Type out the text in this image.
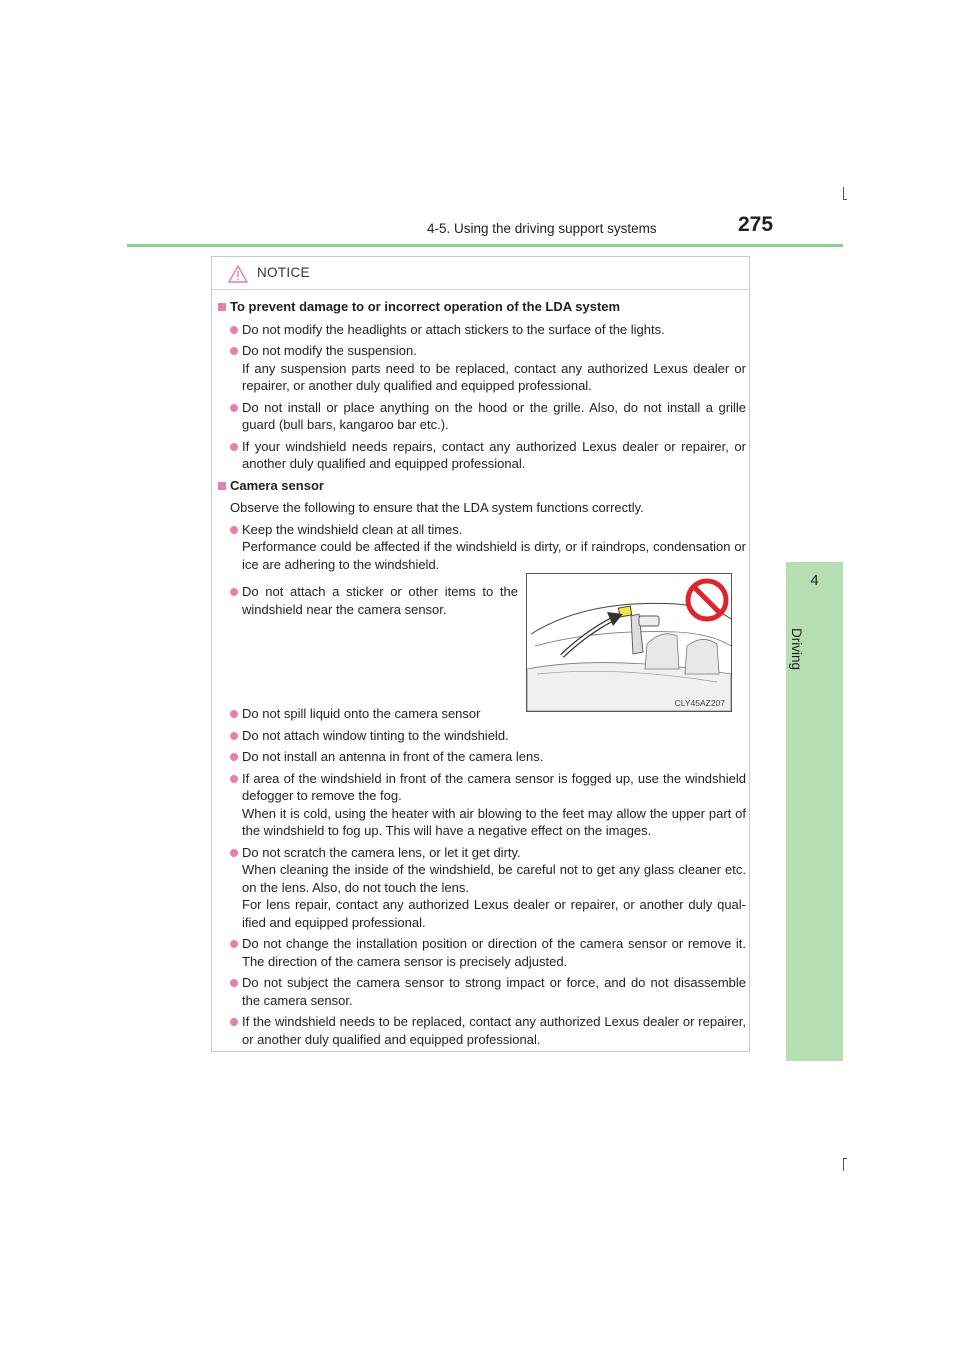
4-5. Using the driving support systems	275
4
Driving
NOTICE
To prevent damage to or incorrect operation of the LDA system
Do not modify the headlights or attach stickers to the surface of the lights.
Do not modify the suspension.
If any suspension parts need to be replaced, contact any authorized Lexus dealer or repairer, or another duly qualified and equipped professional.
Do not install or place anything on the hood or the grille. Also, do not install a grille guard (bull bars, kangaroo bar etc.).
If your windshield needs repairs, contact any authorized Lexus dealer or repairer, or another duly qualified and equipped professional.
Camera sensor
Observe the following to ensure that the LDA system functions correctly.
Keep the windshield clean at all times.
Performance could be affected if the windshield is dirty, or if raindrops, condensation or ice are adhering to the windshield.
Do not attach a sticker or other items to the windshield near the camera sensor.
Do not spill liquid onto the camera sensor
Do not attach window tinting to the windshield.
Do not install an antenna in front of the camera lens.
If area of the windshield in front of the camera sensor is fogged up, use the windshield defogger to remove the fog.
When it is cold, using the heater with air blowing to the feet may allow the upper part of the windshield to fog up. This will have a negative effect on the images.
Do not scratch the camera lens, or let it get dirty.
When cleaning the inside of the windshield, be careful not to get any glass cleaner etc. on the lens. Also, do not touch the lens.
For lens repair, contact any authorized Lexus dealer or repairer, or another duly qual-ified and equipped professional.
Do not change the installation position or direction of the camera sensor or remove it. The direction of the camera sensor is precisely adjusted.
Do not subject the camera sensor to strong impact or force, and do not disassemble the camera sensor.
If the windshield needs to be replaced, contact any authorized Lexus dealer or repairer, or another duly qualified and equipped professional.
CLY45AZ207
